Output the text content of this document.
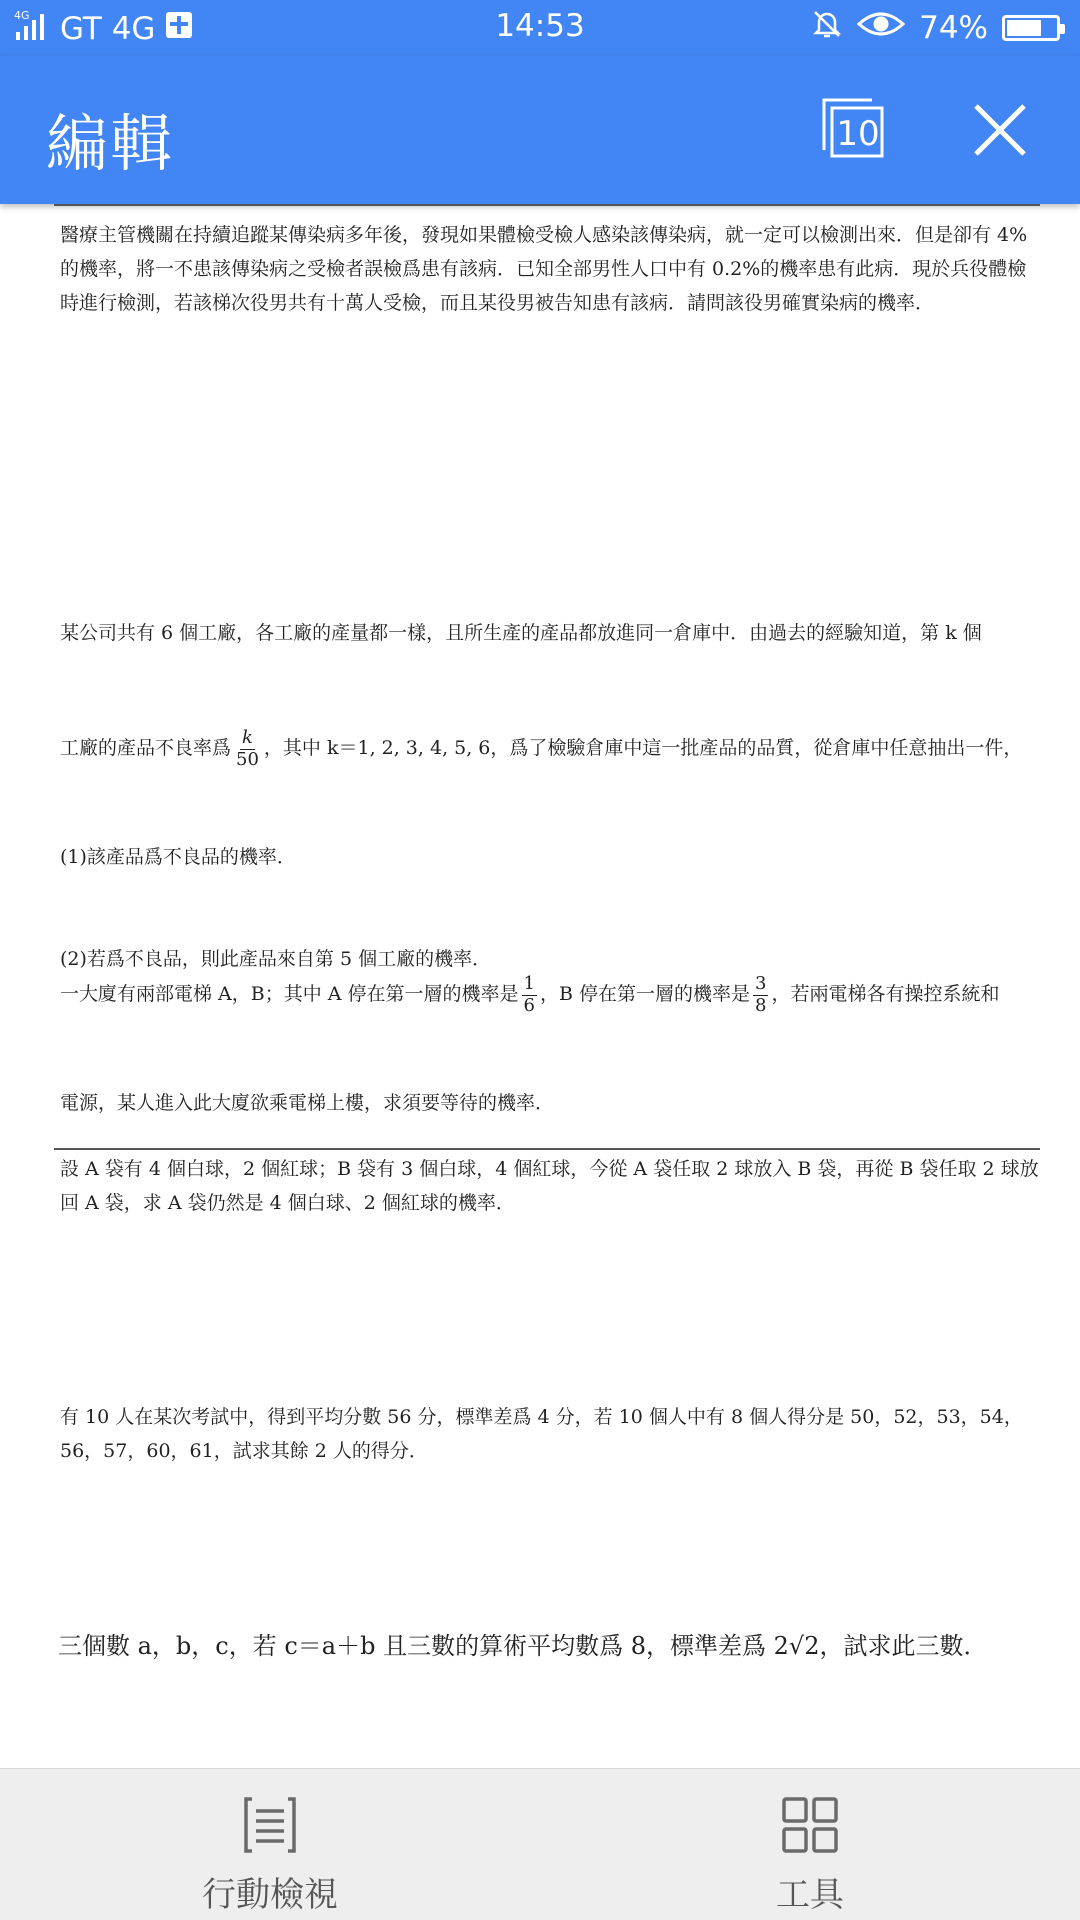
4G GT 4G	14:53	74%
編輯	10
醫療主管機關在持續追蹤某傳染病多年後，發現如果體檢受檢人感染該傳染病，就一定可以檢測出來．但是卻有 4%的機率，將一不患該傳染病之受檢者誤檢爲患有該病．已知全部男性人口中有 0.2%的機率患有此病．現於兵役體檢時進行檢測，若該梯次役男共有十萬人受檢，而且某役男被告知患有該病．請問該役男確實染病的機率．

某公司共有 6 個工廠，各工廠的產量都一樣，且所生產的產品都放進同一倉庫中．由過去的經驗知道，第 k 個

工廠的產品不良率爲 $\frac{k}{50}$ ，其中 k＝1, 2, 3, 4, 5, 6，爲了檢驗倉庫中這一批產品的品質，從倉庫中任意抽出一件，

(1)該產品爲不良品的機率．

(2)若爲不良品，則此產品來自第 5 個工廠的機率．

一大廈有兩部電梯 A，B；其中 A 停在第一層的機率是 $\frac{1}{6}$ ，B 停在第一層的機率是 $\frac{3}{8}$ ，若兩電梯各有操控系統和

電源，某人進入此大廈欲乘電梯上樓，求須要等待的機率．

設 A 袋有 4 個白球，2 個紅球；B 袋有 3 個白球，4 個紅球，今從 A 袋任取 2 球放入 B 袋，再從 B 袋任取 2 球放回 A 袋，求 A 袋仍然是 4 個白球、2 個紅球的機率．
有 10 人在某次考試中，得到平均分數 56 分，標準差爲 4 分，若 10 個人中有 8 個人得分是 50，52，53，54，56，57，60，61，試求其餘 2 人的得分．
三個數 a，b，c，若 c＝a＋b 且三數的算術平均數爲 8，標準差爲 2√2，試求此三數．
行動檢視	工具
